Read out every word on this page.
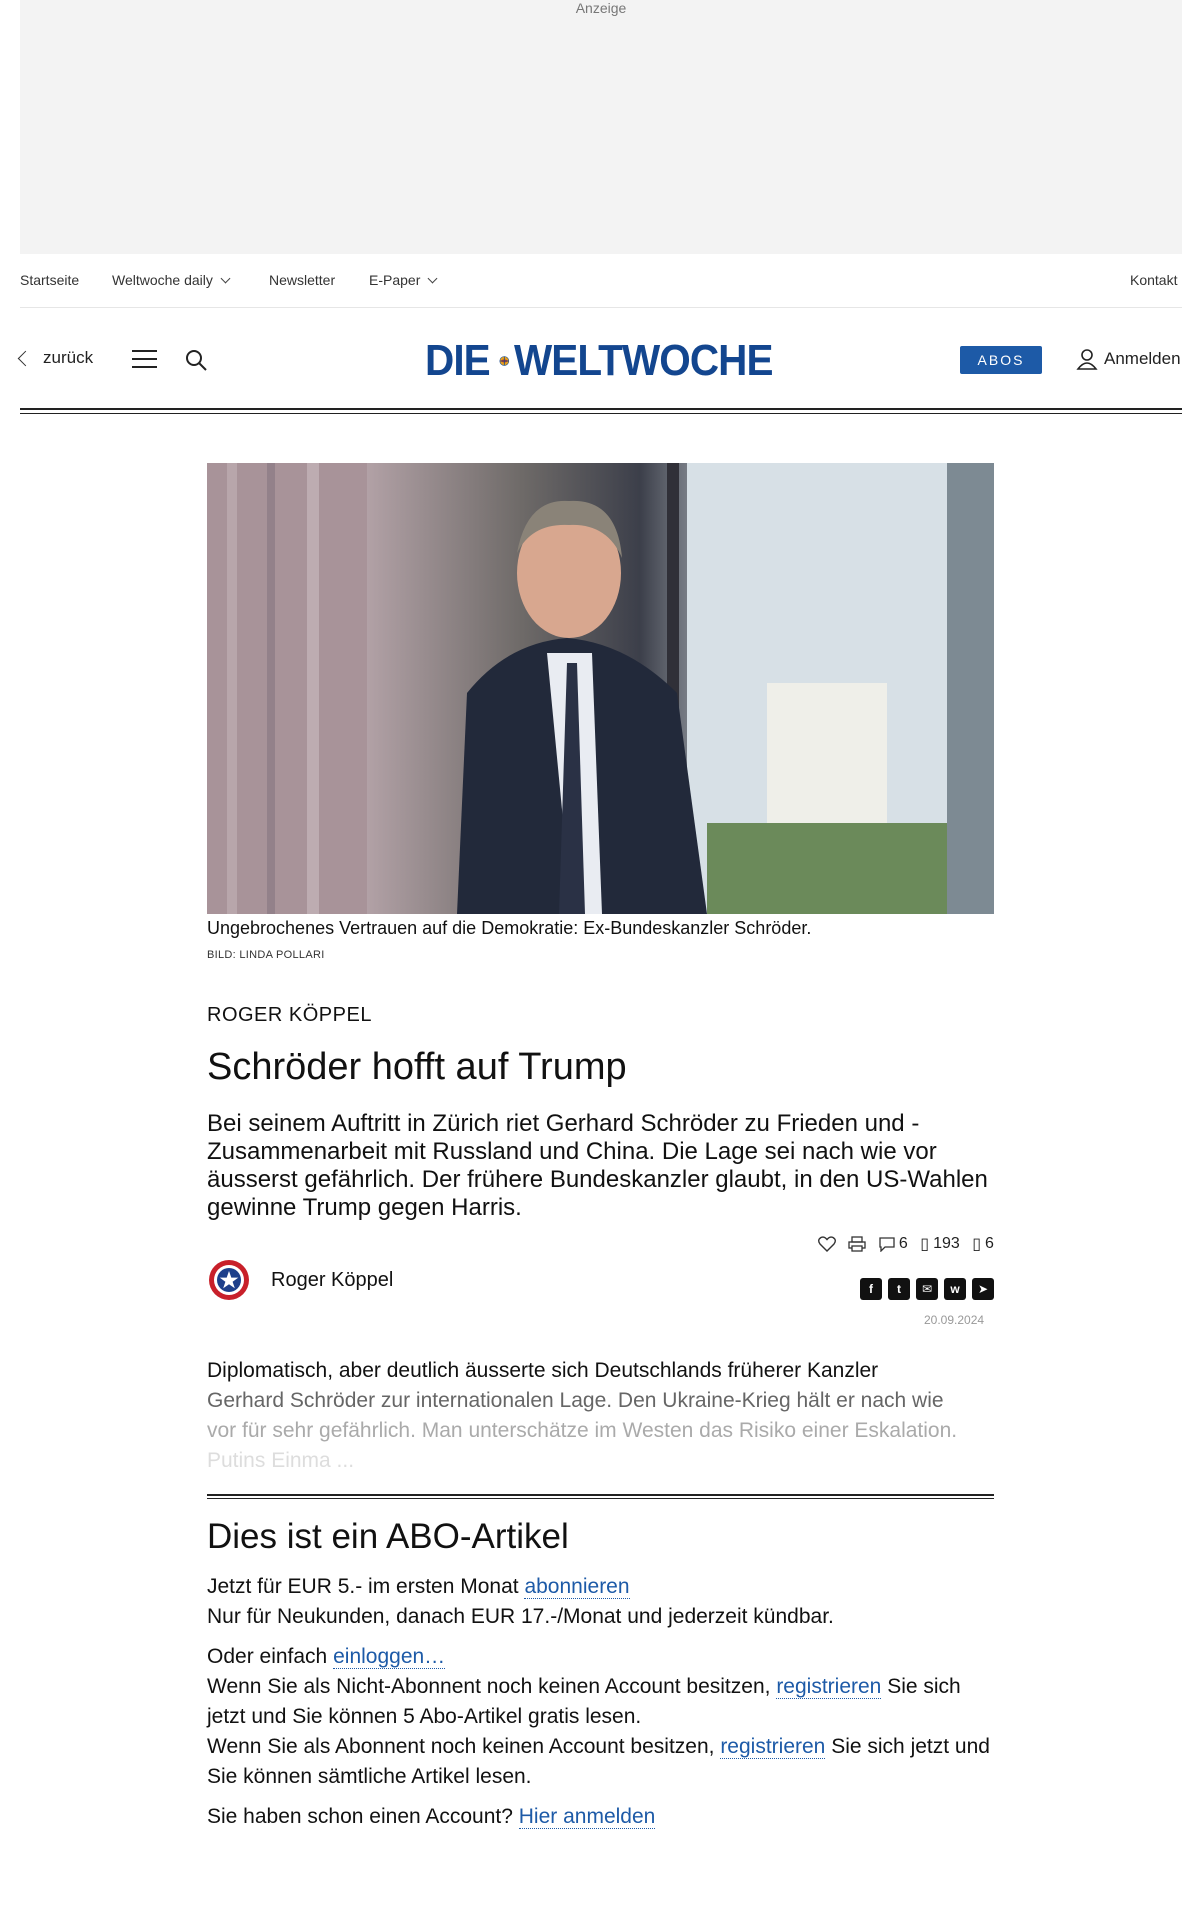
Anzeige
Startseite Weltwoche daily	Newsletter E-Paper	Kontakt
zurück	DIE WELTWOCHE	ABOS	Anmelden
Ungebrochenes Vertrauen auf die Demokratie: Ex-Bundeskanzler Schröder.
BILD: LINDA POLLARI
ROGER KÖPPEL
Schröder hofft auf Trump
Bei seinem Auftritt in Zürich riet Gerhard Schröder zu Frieden und -Zusammenarbeit mit Russland und China. Die Lage sei nach wie vor äusserst gefährlich. Der frühere Bundeskanzler glaubt, in den US-Wahlen gewinne Trump gegen Harris.
6 ▯ 193 ▯ 6
Roger Köppel	f	t	✉	w	➤
20.09.2024
Diplomatisch, aber deutlich äusserte sich Deutschlands früherer Kanzler
Gerhard Schröder zur internationalen Lage. Den Ukraine-Krieg hält er nach wie
vor für sehr gefährlich. Man unterschätze im Westen das Risiko einer Eskalation.
Putins Einma ...
Dies ist ein ABO-Artikel

Jetzt für EUR 5.- im ersten Monat abonnieren
Nur für Neukunden, danach EUR 17.-/Monat und jederzeit kündbar.

Oder einfach einloggen…
Wenn Sie als Nicht-Abonnent noch keinen Account besitzen, registrieren Sie sich jetzt und Sie können 5 Abo-Artikel gratis lesen.
Wenn Sie als Abonnent noch keinen Account besitzen, registrieren Sie sich jetzt und Sie können sämtliche Artikel lesen.

Sie haben schon einen Account? Hier anmelden
